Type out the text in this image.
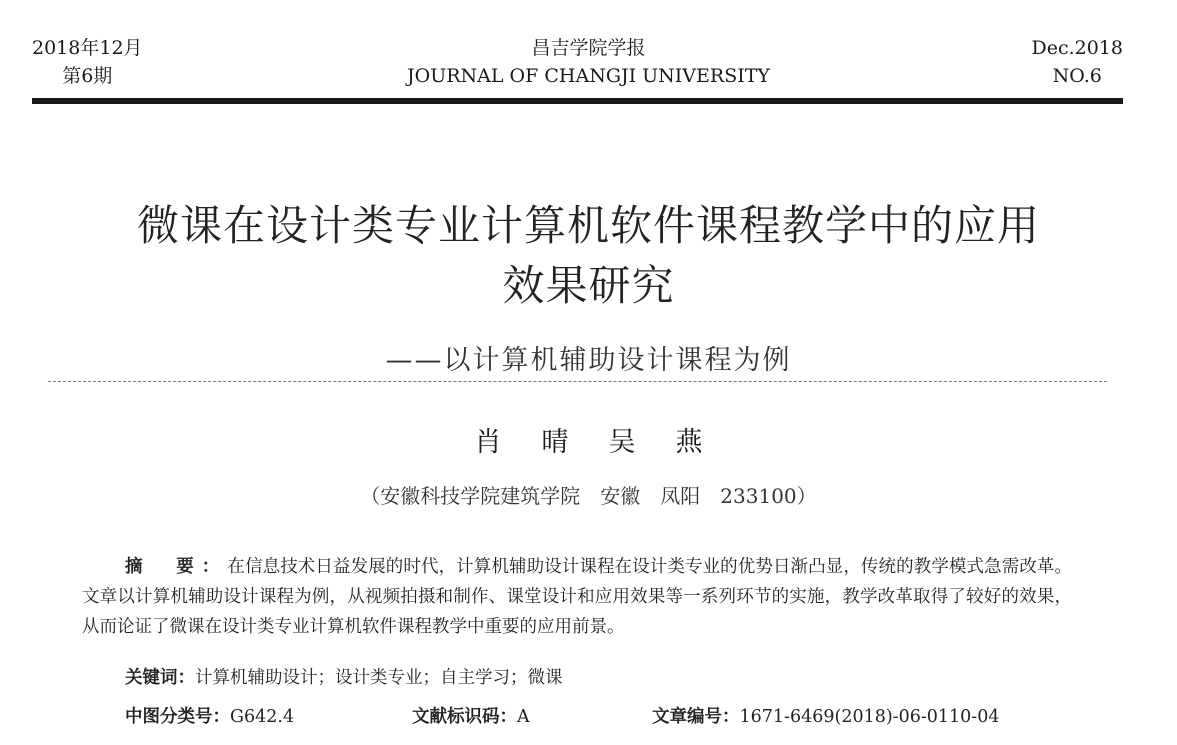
2018年12月
第6期
昌吉学院学报
JOURNAL OF CHANGJI UNIVERSITY
Dec.2018
NO.6
微课在设计类专业计算机软件课程教学中的应用
效果研究
——以计算机辅助设计课程为例
肖 晴 吴 燕
（安徽科技学院建筑学院　安徽　凤阳　233100）
摘　要：在信息技术日益发展的时代，计算机辅助设计课程在设计类专业的优势日渐凸显，传统的教学模式急需改革。文章以计算机辅助设计课程为例，从视频拍摄和制作、课堂设计和应用效果等一系列环节的实施，教学改革取得了较好的效果，从而论证了微课在设计类专业计算机软件课程教学中重要的应用前景。
关键词：计算机辅助设计；设计类专业；自主学习；微课
中图分类号：G642.4	文献标识码：A	文章编号：1671-6469(2018)-06-0110-04
